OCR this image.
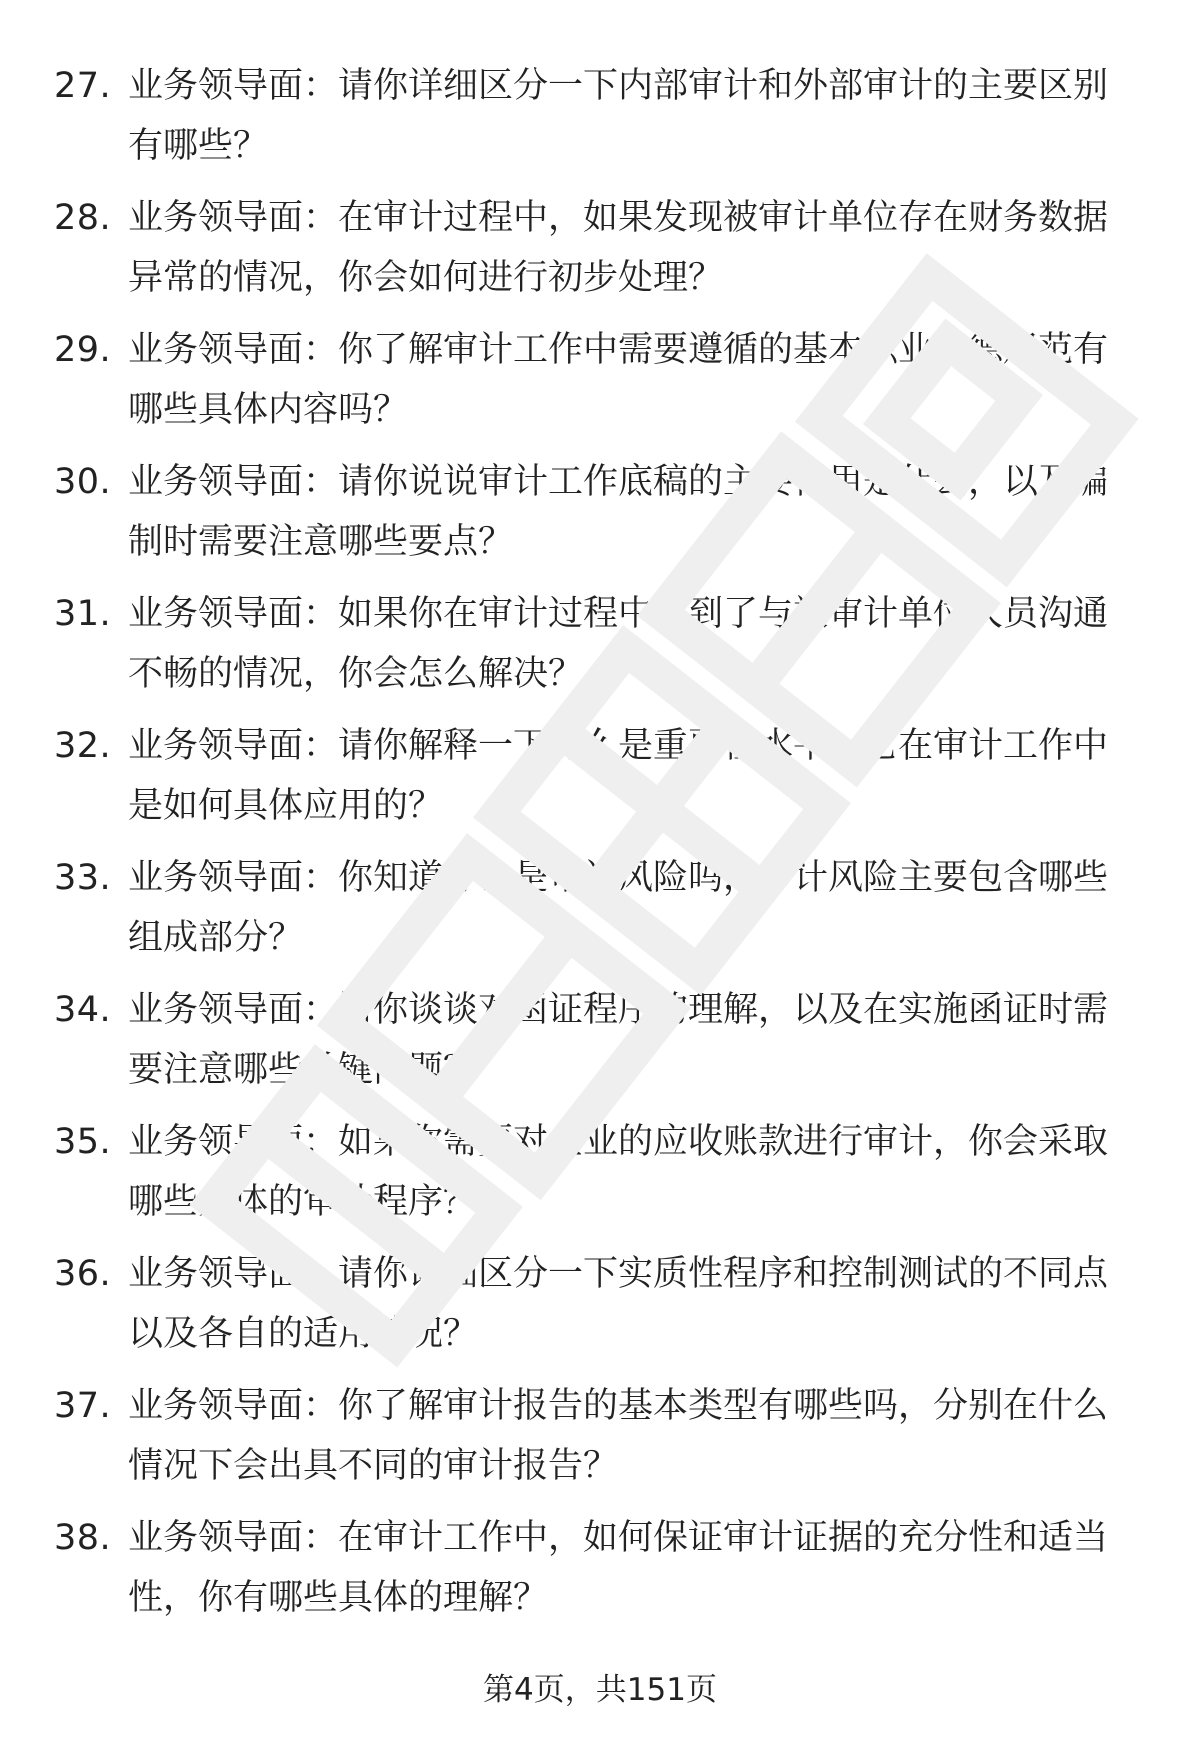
27. 业务领导面：请你详细区分一下内部审计和外部审计的主要区别有哪些？

28. 业务领导面：在审计过程中，如果发现被审计单位存在财务数据异常的情况，你会如何进行初步处理？

29. 业务领导面：你了解审计工作中需要遵循的基本职业道德规范有哪些具体内容吗？

30. 业务领导面：请你说说审计工作底稿的主要作用是什么，以及编制时需要注意哪些要点？

31. 业务领导面：如果你在审计过程中遇到了与被审计单位人员沟通不畅的情况，你会怎么解决？

32. 业务领导面：请你解释一下什么是重要性水平，它在审计工作中是如何具体应用的？

33. 业务领导面：你知道什么是审计风险吗，审计风险主要包含哪些组成部分？

34. 业务领导面：请你谈谈对函证程序的理解，以及在实施函证时需要注意哪些关键问题？

35. 业务领导面：如果你需要对企业的应收账款进行审计，你会采取哪些具体的审计程序？

36. 业务领导面：请你详细区分一下实质性程序和控制测试的不同点以及各自的适用情况？

37. 业务领导面：你了解审计报告的基本类型有哪些吗，分别在什么情况下会出具不同的审计报告？

38. 业务领导面：在审计工作中，如何保证审计证据的充分性和适当性，你有哪些具体的理解？

第4页，共151页
